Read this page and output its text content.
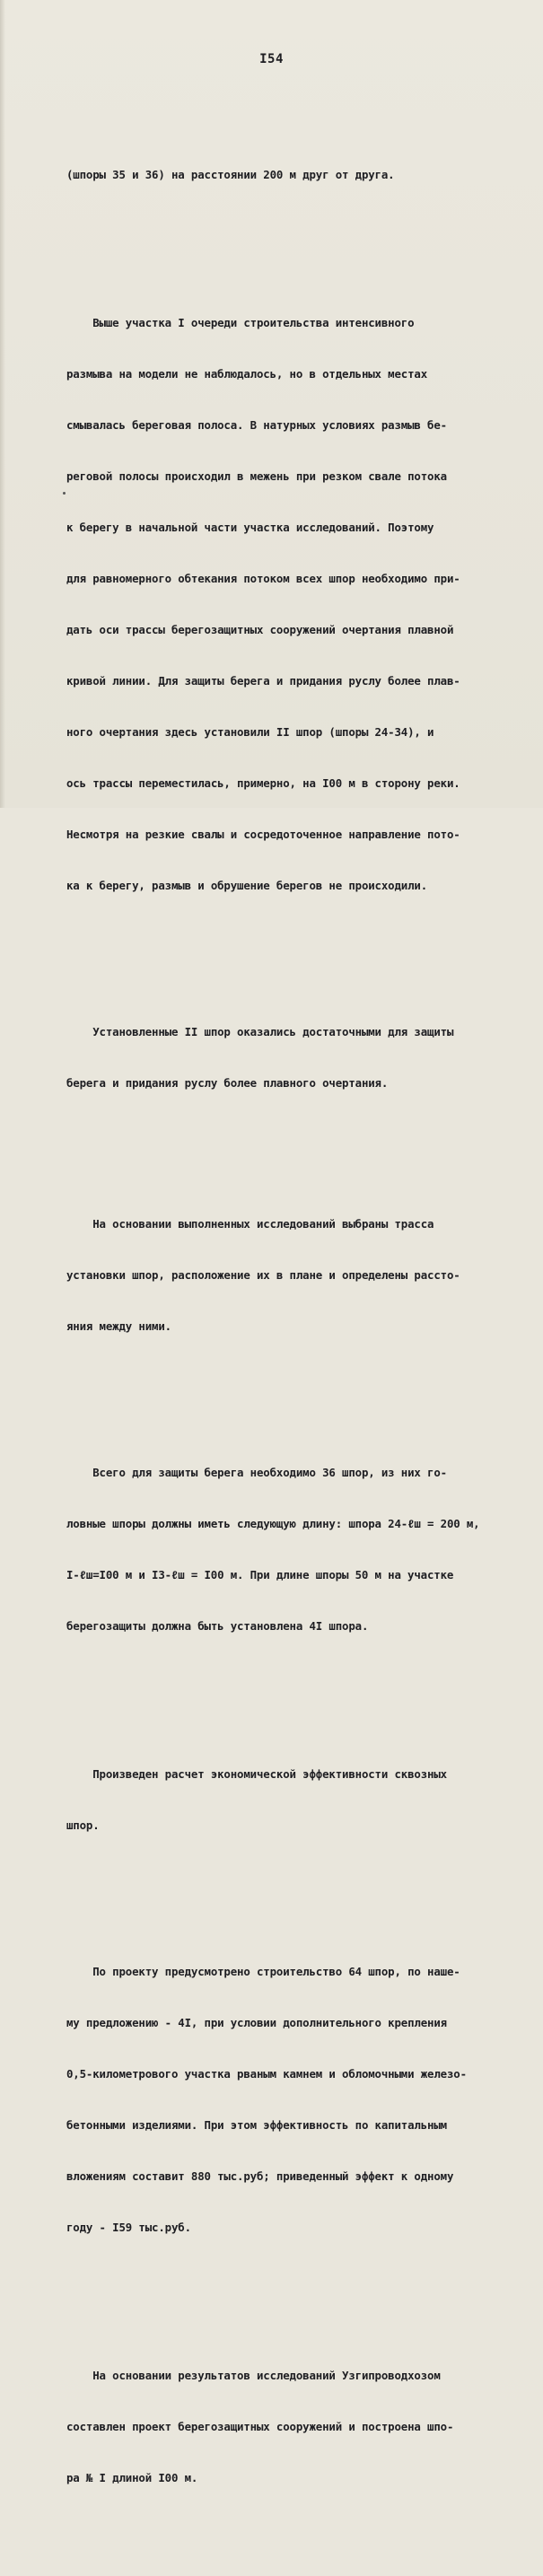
I54

(шпоры 35 и 36) на расстоянии 200 м друг от друга.

Выше участка I очереди строительства интенсивного

размыва на модели не наблюдалось, но в отдельных местах

смывалась береговая полоса. В натурных условиях размыв бе-

реговой полосы происходил в межень при резком свале потока

к берегу в начальной части участка исследований. Поэтому

для равномерного обтекания потоком всех шпор необходимо при-

дать оси трассы берегозащитных сооружений очертания плавной

кривой линии. Для защиты берега и придания руслу более плав-

ного очертания здесь установили II шпор (шпоры 24-34), и

ось трассы переместилась, примерно, на I00 м в сторону реки.

Несмотря на резкие свалы и сосредоточенное направление пото-

ка к берегу, размыв и обрушение берегов не происходили.

Установленные II шпор оказались достаточными для защиты

берега и придания руслу более плавного очертания.

На основании выполненных исследований выбраны трасса

установки шпор, расположение их в плане и определены рассто-

яния между ними.

Всего для защиты берега необходимо 36 шпор, из них го-

ловные шпоры должны иметь следующую длину: шпора 24-ℓш = 200 м,

I-ℓш=I00 м и I3-ℓш = I00 м. При длине шпоры 50 м на участке

берегозащиты должна быть установлена 4I шпора.

Произведен расчет экономической эффективности сквозных

шпор.

По проекту предусмотрено строительство 64 шпор, по наше-

му предложению - 4I, при условии дополнительного крепления

0,5-километрового участка рваным камнем и обломочными железо-

бетонными изделиями. При этом эффективность по капитальным

вложениям составит 880 тыс.руб; приведенный эффект к одному

году - I59 тыс.руб.

На основании результатов исследований Узгипроводхозом

составлен проект берегозащитных сооружений и построена шпо-

ра № I длиной I00 м.
